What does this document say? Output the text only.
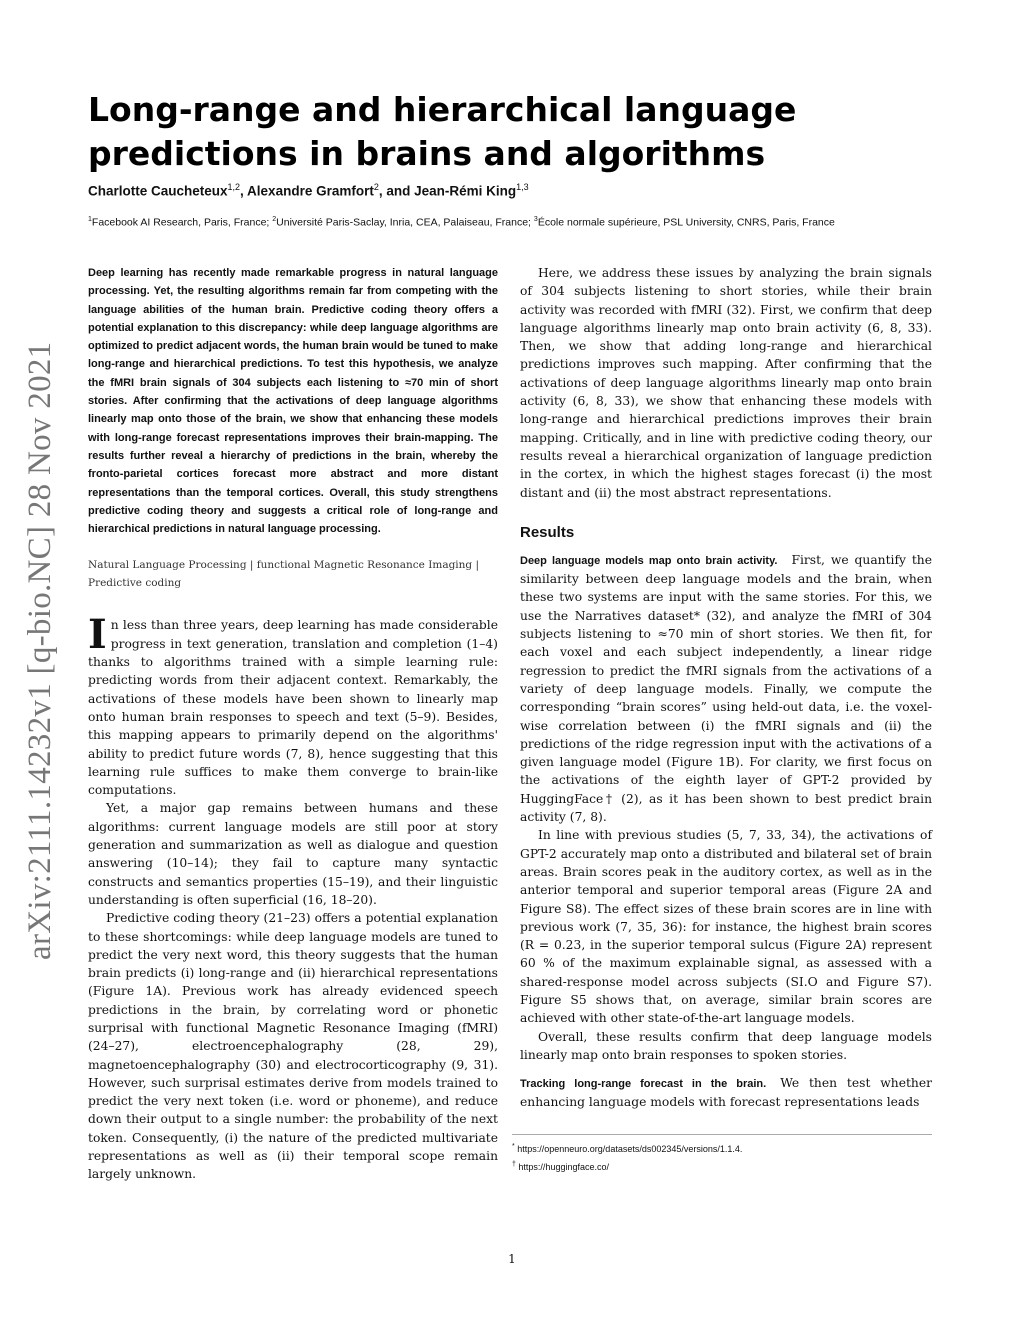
arXiv:2111.14232v1 [q-bio.NC] 28 Nov 2021
Long-range and hierarchical language predictions in brains and algorithms
Charlotte Caucheteux$^{1,2}$, Alexandre Gramfort$^2$, and Jean-Rémi King$^{1,3}$
$^1$Facebook AI Research, Paris, France; $^2$Université Paris-Saclay, Inria, CEA, Palaiseau, France; $^3$École normale supérieure, PSL University, CNRS, Paris, France

Deep learning has recently made remarkable progress in natural language processing. Yet, the resulting algorithms remain far from competing with the language abilities of the human brain. Predictive coding theory offers a potential explanation to this discrepancy: while deep language algorithms are optimized to predict adjacent words, the human brain would be tuned to make long-range and hierarchical predictions. To test this hypothesis, we analyze the fMRI brain signals of 304 subjects each listening to ≈70 min of short stories. After confirming that the activations of deep language algorithms linearly map onto those of the brain, we show that enhancing these models with long-range forecast representations improves their brain-mapping. The results further reveal a hierarchy of predictions in the brain, whereby the fronto-parietal cortices forecast more abstract and more distant representations than the temporal cortices. Overall, this study strengthens predictive coding theory and suggests a critical role of long-range and hierarchical predictions in natural language processing.

Natural Language Processing | functional Magnetic Resonance Imaging | Predictive coding

In less than three years, deep learning has made considerable progress in text generation, translation and completion (1–4) thanks to algorithms trained with a simple learning rule: predicting words from their adjacent context. Remarkably, the activations of these models have been shown to linearly map onto human brain responses to speech and text (5–9). Besides, this mapping appears to primarily depend on the algorithms' ability to predict future words (7, 8), hence suggesting that this learning rule suffices to make them converge to brain-like computations.

Yet, a major gap remains between humans and these algorithms: current language models are still poor at story generation and summarization as well as dialogue and question answering (10–14); they fail to capture many syntactic constructs and semantics properties (15–19), and their linguistic understanding is often superficial (16, 18–20).

Predictive coding theory (21–23) offers a potential explanation to these shortcomings: while deep language models are tuned to predict the very next word, this theory suggests that the human brain predicts (i) long-range and (ii) hierarchical representations (Figure 1A). Previous work has already evidenced speech predictions in the brain, by correlating word or phonetic surprisal with functional Magnetic Resonance Imaging (fMRI) (24–27), electroencephalography (28, 29), magnetoencephalography (30) and electrocorticography (9, 31). However, such surprisal estimates derive from models trained to predict the very next token (i.e. word or phoneme), and reduce down their output to a single number: the probability of the next token. Consequently, (i) the nature of the predicted multivariate representations as well as (ii) their temporal scope remain largely unknown.

Here, we address these issues by analyzing the brain signals of 304 subjects listening to short stories, while their brain activity was recorded with fMRI (32). First, we confirm that deep language algorithms linearly map onto brain activity (6, 8, 33). Then, we show that adding long-range and hierarchical predictions improves such mapping. After confirming that the activations of deep language algorithms linearly map onto brain activity (6, 8, 33), we show that enhancing these models with long-range and hierarchical predictions improves their brain mapping. Critically, and in line with predictive coding theory, our results reveal a hierarchical organization of language prediction in the cortex, in which the highest stages forecast (i) the most distant and (ii) the most abstract representations.

Results

Deep language models map onto brain activity. First, we quantify the similarity between deep language models and the brain, when these two systems are input with the same stories. For this, we use the Narratives dataset* (32), and analyze the fMRI of 304 subjects listening to ≈70 min of short stories. We then fit, for each voxel and each subject independently, a linear ridge regression to predict the fMRI signals from the activations of a variety of deep language models. Finally, we compute the corresponding “brain scores” using held-out data, i.e. the voxel-wise correlation between (i) the fMRI signals and (ii) the predictions of the ridge regression input with the activations of a given language model (Figure 1B). For clarity, we first focus on the activations of the eighth layer of GPT-2 provided by HuggingFace† (2), as it has been shown to best predict brain activity (7, 8).

In line with previous studies (5, 7, 33, 34), the activations of GPT-2 accurately map onto a distributed and bilateral set of brain areas. Brain scores peak in the auditory cortex, as well as in the anterior temporal and superior temporal areas (Figure 2A and Figure S8). The effect sizes of these brain scores are in line with previous work (7, 35, 36): for instance, the highest brain scores (R = 0.23, in the superior temporal sulcus (Figure 2A) represent 60 % of the maximum explainable signal, as assessed with a shared-response model across subjects (SI.O and Figure S7). Figure S5 shows that, on average, similar brain scores are achieved with other state-of-the-art language models.

Overall, these results confirm that deep language models linearly map onto brain responses to spoken stories.

Tracking long-range forecast in the brain. We then test whether enhancing language models with forecast representations leads

* https://openneuro.org/datasets/ds002345/versions/1.1.4.
† https://huggingface.co/
1
